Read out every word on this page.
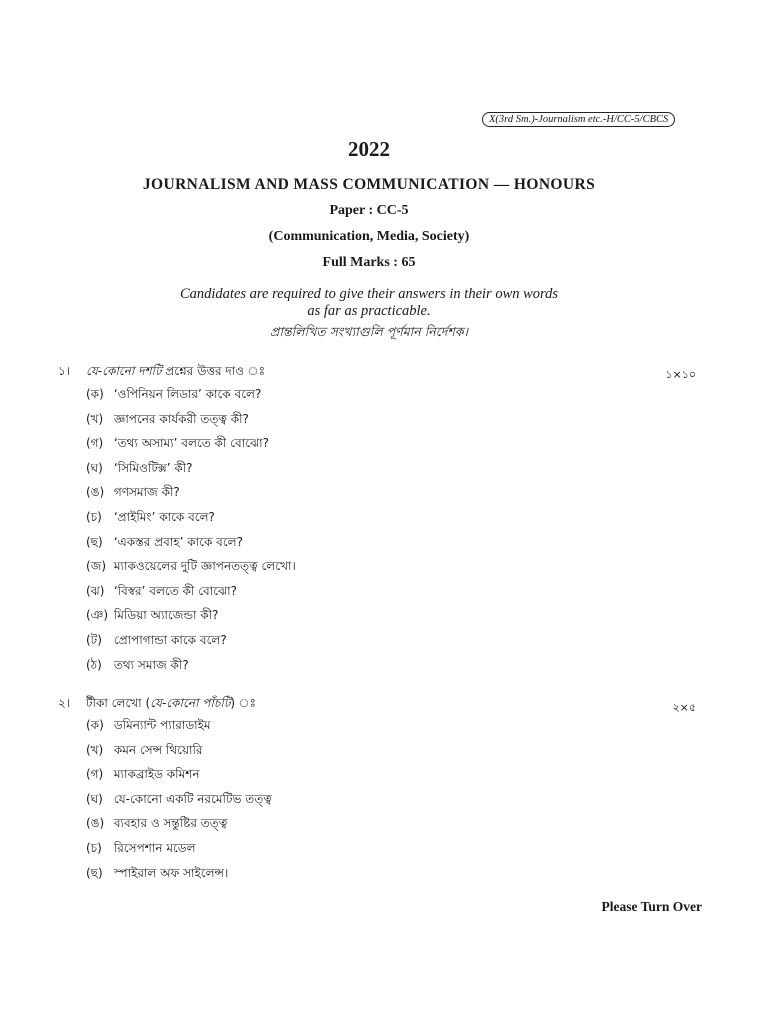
X(3rd Sm.)-Journalism etc.-H/CC-5/CBCS
2022
JOURNALISM AND MASS COMMUNICATION — HONOURS
Paper : CC-5
(Communication, Media, Society)
Full Marks : 65
Candidates are required to give their answers in their own words
as far as practicable.
প্রান্তলিখিত সংখ্যাগুলি পূর্ণমান নির্দেশক।
১। যে-কোনো দশটি প্রশ্নের উত্তর দাও ঃ	১×১০
(ক) ‘ওপিনিয়ন লিডার’ কাকে বলে?
(খ) জ্ঞাপনের কার্যকরী তত্ত্ব কী?
(গ) ‘তথ্য অসাম্য’ বলতে কী বোঝো?
(ঘ) ‘সিমিওটিক্স’ কী?
(ঙ) গণসমাজ কী?
(চ) ‘প্রাইমিং’ কাকে বলে?
(ছ) ‘একস্তর প্রবাহ’ কাকে বলে?
(জ) ম্যাকওয়েলের দুটি জ্ঞাপনতত্ত্ব লেখো।
(ঝ) ‘বিস্বর’ বলতে কী বোঝো?
(ঞ) মিডিয়া অ্যাজেন্ডা কী?
(ট) প্রোপাগান্ডা কাকে বলে?
(ঠ) তথ্য সমাজ কী?
২। টীকা লেখো (যে-কোনো পাঁচটি) ঃ	২×৫
(ক) ডমিন্যান্ট প্যারাডাইম
(খ) কমন সেন্স থিয়োরি
(গ) ম্যাকব্রাইড কমিশন
(ঘ) যে-কোনো একটি নরমেটিভ তত্ত্ব
(ঙ) ব্যবহার ও সন্তুষ্টির তত্ত্ব
(চ) রিসেপশান মডেল
(ছ) স্পাইরাল অফ সাইলেন্স।
Please Turn Over
